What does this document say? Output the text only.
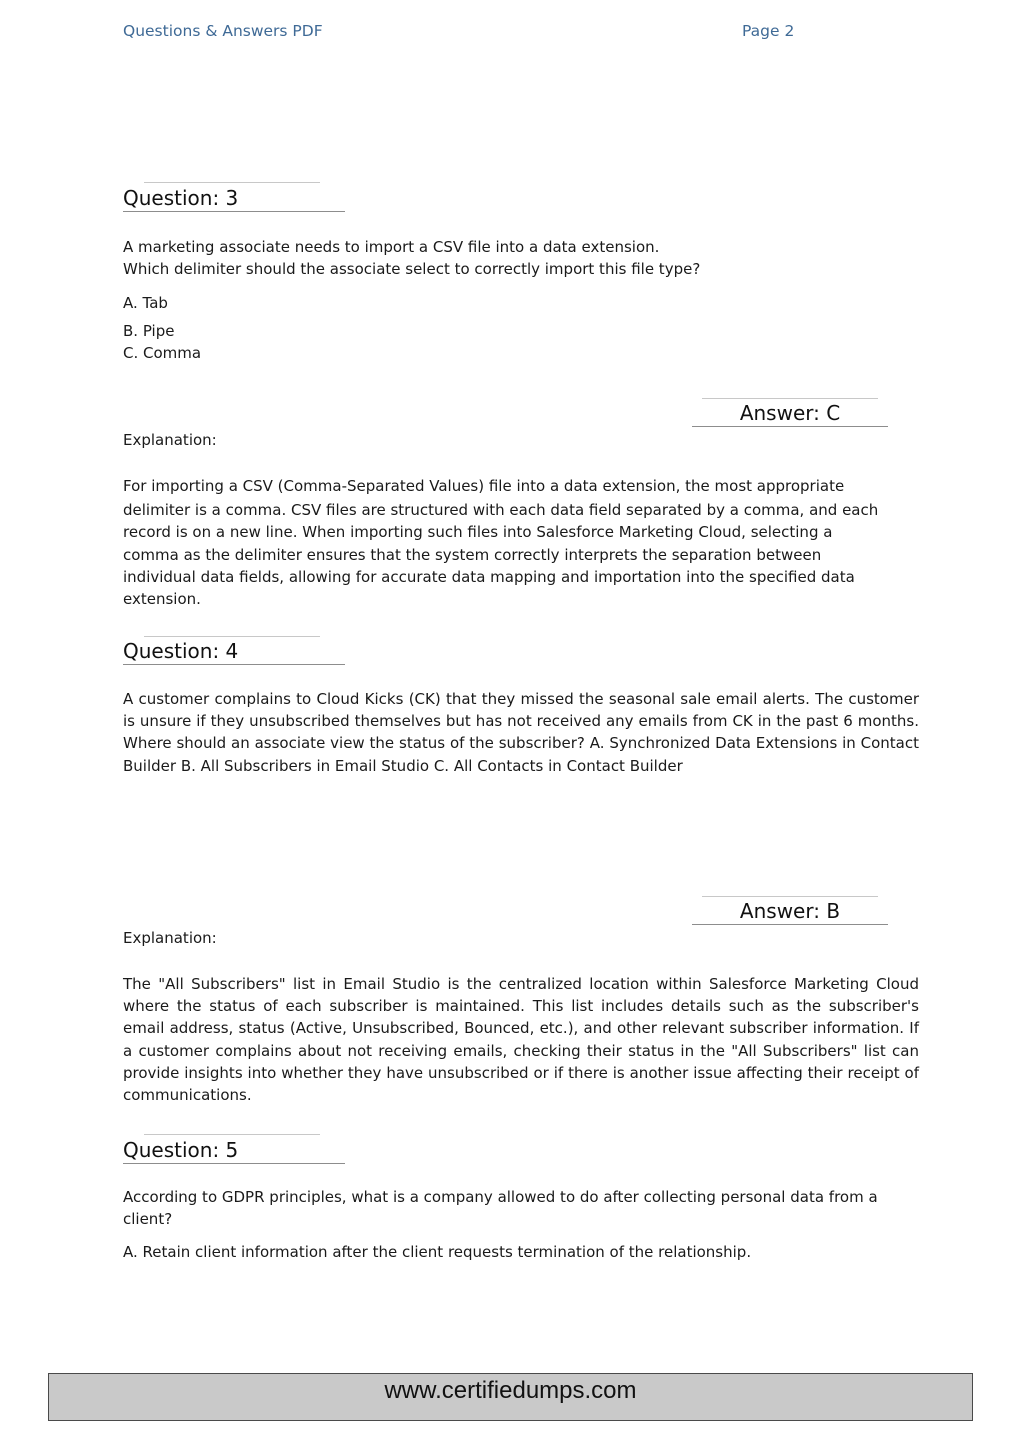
Questions & Answers PDF	Page 2
Question: 3
A marketing associate needs to import a CSV file into a data extension.
Which delimiter should the associate select to correctly import this file type?
A. Tab
B. Pipe
C. Comma
Answer: C
Explanation:
For importing a CSV (Comma-Separated Values) file into a data extension, the most appropriate
delimiter is a comma. CSV files are structured with each data field separated by a comma, and each
record is on a new line. When importing such files into Salesforce Marketing Cloud, selecting a
comma as the delimiter ensures that the system correctly interprets the separation between
individual data fields, allowing for accurate data mapping and importation into the specified data
extension.
Question: 4

A customer complains to Cloud Kicks (CK) that they missed the seasonal sale email alerts. The customer is unsure if they unsubscribed themselves but has not received any emails from CK in the past 6 months. Where should an associate view the status of the subscriber? A. Synchronized Data Extensions in Contact Builder B. All Subscribers in Email Studio C. All Contacts in Contact Builder

Answer: B
Explanation:

The "All Subscribers" list in Email Studio is the centralized location within Salesforce Marketing Cloud where the status of each subscriber is maintained. This list includes details such as the subscriber's email address, status (Active, Unsubscribed, Bounced, etc.), and other relevant subscriber information. If a customer complains about not receiving emails, checking their status in the "All Subscribers" list can provide insights into whether they have unsubscribed or if there is another issue affecting their receipt of communications.

Question: 5
According to GDPR principles, what is a company allowed to do after collecting personal data from a
client?
A. Retain client information after the client requests termination of the relationship.
www.certifiedumps.com
